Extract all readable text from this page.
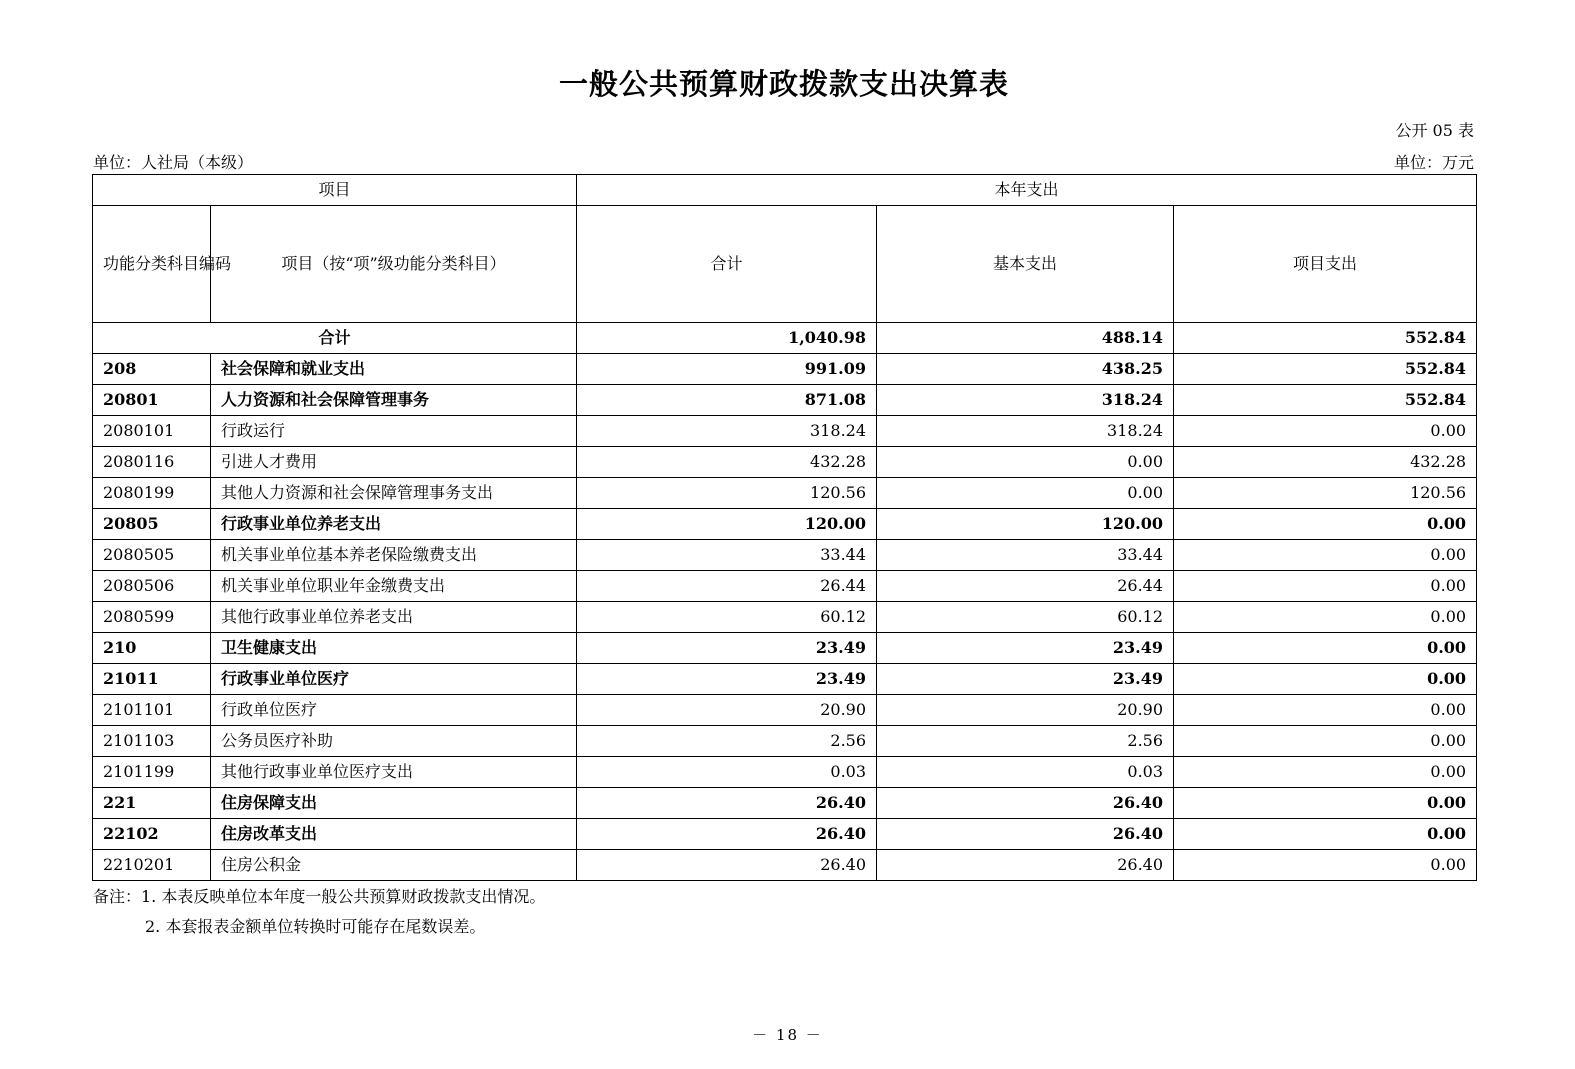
一般公共预算财政拨款支出决算表
公开 05 表
单位：人社局（本级）	单位：万元
项目		本年支出		
功能分类科目编码	项目（按“项”级功能分类科目）	合计	基本支出	项目支出
合计		1,040.98	488.14	552.84
208	社会保障和就业支出	991.09	438.25	552.84
20801	人力资源和社会保障管理事务	871.08	318.24	552.84
2080101	行政运行	318.24	318.24	0.00
2080116	引进人才费用	432.28	0.00	432.28
2080199	其他人力资源和社会保障管理事务支出	120.56	0.00	120.56
20805	行政事业单位养老支出	120.00	120.00	0.00
2080505	机关事业单位基本养老保险缴费支出	33.44	33.44	0.00
2080506	机关事业单位职业年金缴费支出	26.44	26.44	0.00
2080599	其他行政事业单位养老支出	60.12	60.12	0.00
210	卫生健康支出	23.49	23.49	0.00
21011	行政事业单位医疗	23.49	23.49	0.00
2101101	行政单位医疗	20.90	20.90	0.00
2101103	公务员医疗补助	2.56	2.56	0.00
2101199	其他行政事业单位医疗支出	0.03	0.03	0.00
221	住房保障支出	26.40	26.40	0.00
22102	住房改革支出	26.40	26.40	0.00
2210201	住房公积金	26.40	26.40	0.00
备注：1. 本表反映单位本年度一般公共预算财政拨款支出情况。
2. 本套报表金额单位转换时可能存在尾数误差。
－ 18 －
